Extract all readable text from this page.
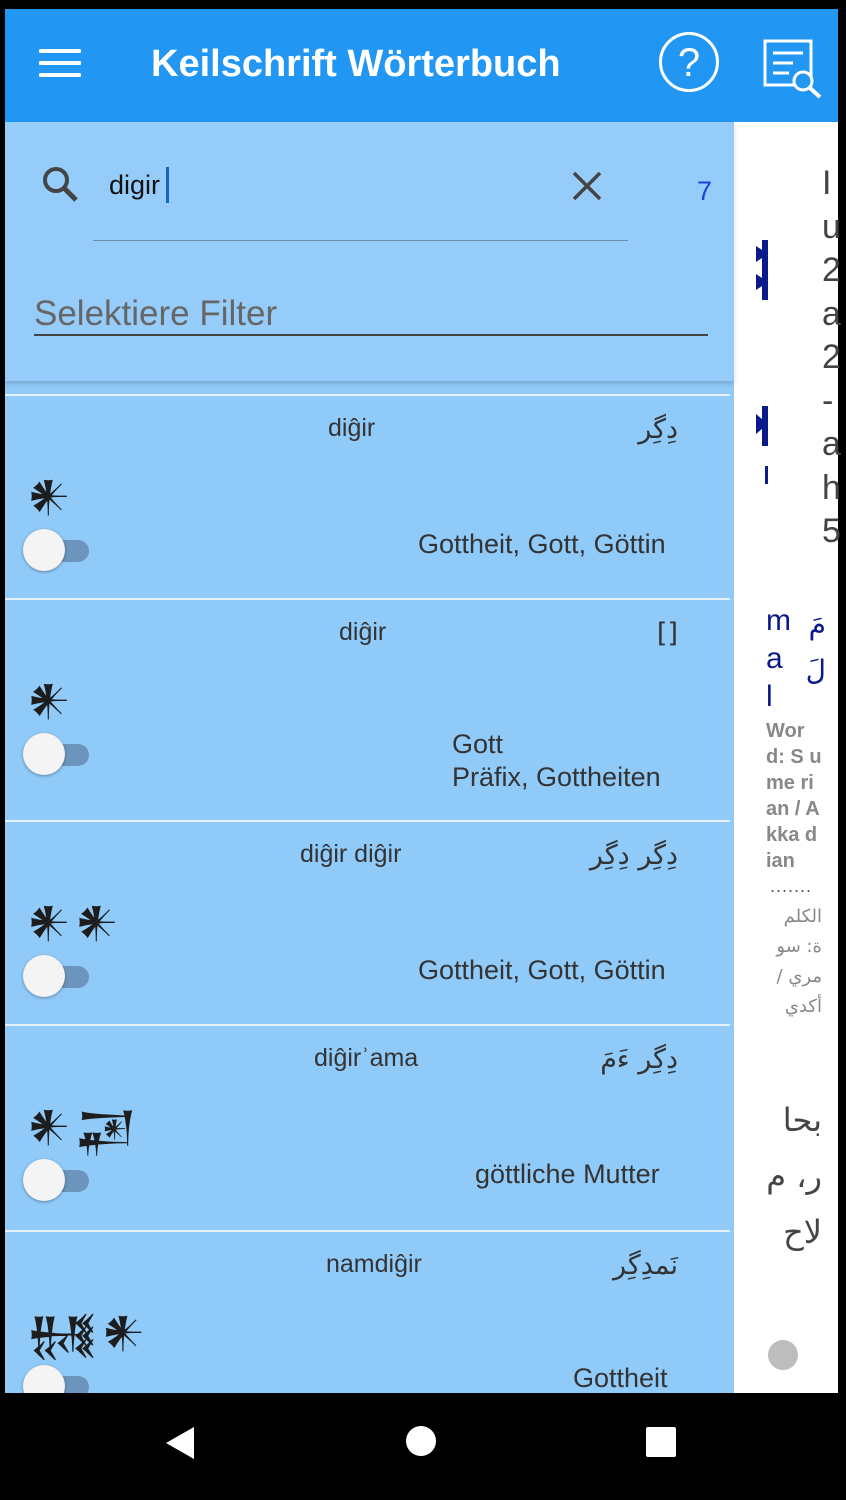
I
u
2
a
2
-
a
h
5
m
a
l
مَ لَ
Wor d: S ume rian / Akka dian
.......
الكلم ة: سو مري / أكدي
بحا ر، م لاح
Keilschrift Wörterbuch	?
digir
7
Selektiere Filter
diĝir	دِگِر
𒀭
Gottheit, Gott, Göttin
diĝir	[]
𒀭
Gott
Präfix, Gottheiten
diĝir diĝir	دِگِر دِگِر
𒀭𒀭
Gottheit, Gott, Göttin
diĝirʾama	دِگِر ءَمَ
𒀭𒂼
göttliche Mutter
namdiĝir	نَمدِگِر
𒉆𒀭
Gottheit
